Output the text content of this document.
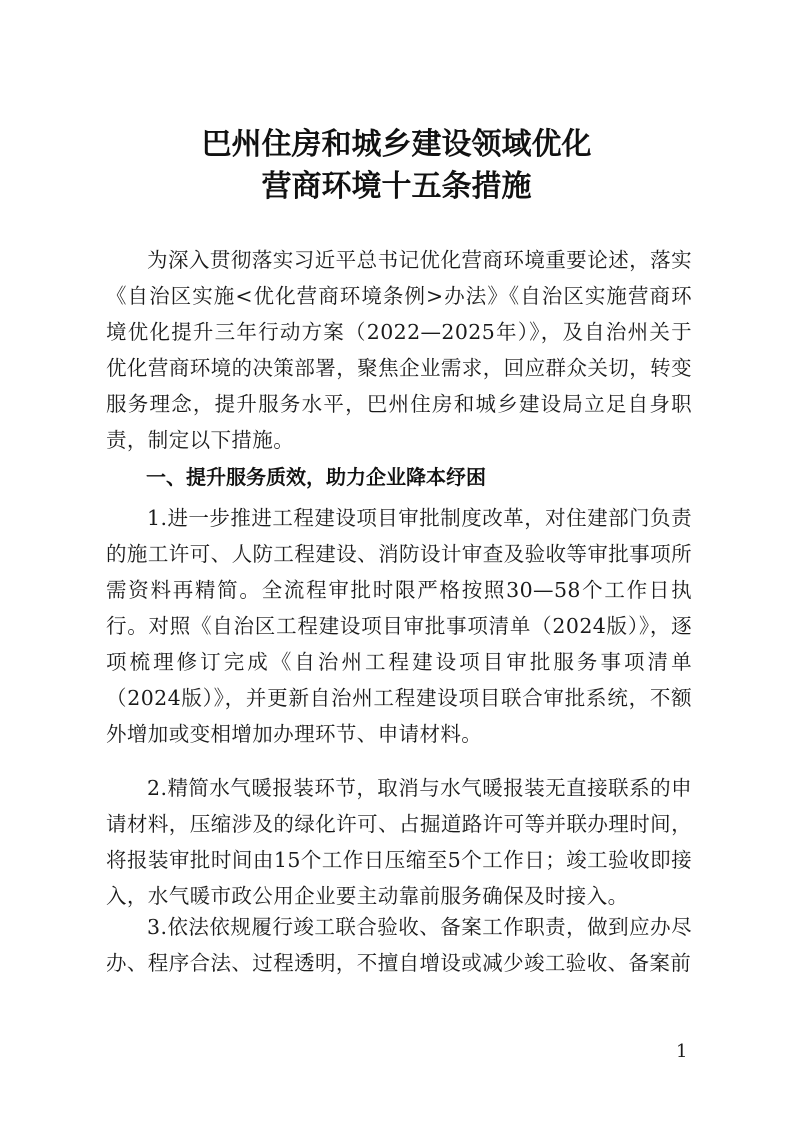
巴州住房和城乡建设领域优化
营商环境十五条措施

为深入贯彻落实习近平总书记优化营商环境重要论述，落实《自治区实施<优化营商环境条例>办法》《自治区实施营商环境优化提升三年行动方案（2022—2025年）》，及自治州关于优化营商环境的决策部署，聚焦企业需求，回应群众关切，转变服务理念，提升服务水平，巴州住房和城乡建设局立足自身职责，制定以下措施。

一、提升服务质效，助力企业降本纾困

1.进一步推进工程建设项目审批制度改革，对住建部门负责的施工许可、人防工程建设、消防设计审查及验收等审批事项所需资料再精简。全流程审批时限严格按照30—58个工作日执行。对照《自治区工程建设项目审批事项清单（2024版）》，逐项梳理修订完成《自治州工程建设项目审批服务事项清单（2024版）》，并更新自治州工程建设项目联合审批系统，不额外增加或变相增加办理环节、申请材料。

2.精简水气暖报装环节，取消与水气暖报装无直接联系的申请材料，压缩涉及的绿化许可、占掘道路许可等并联办理时间，将报装审批时间由15个工作日压缩至5个工作日；竣工验收即接入，水气暖市政公用企业要主动靠前服务确保及时接入。

3.依法依规履行竣工联合验收、备案工作职责，做到应办尽办、程序合法、过程透明，不擅自增设或减少竣工验收、备案前

1
